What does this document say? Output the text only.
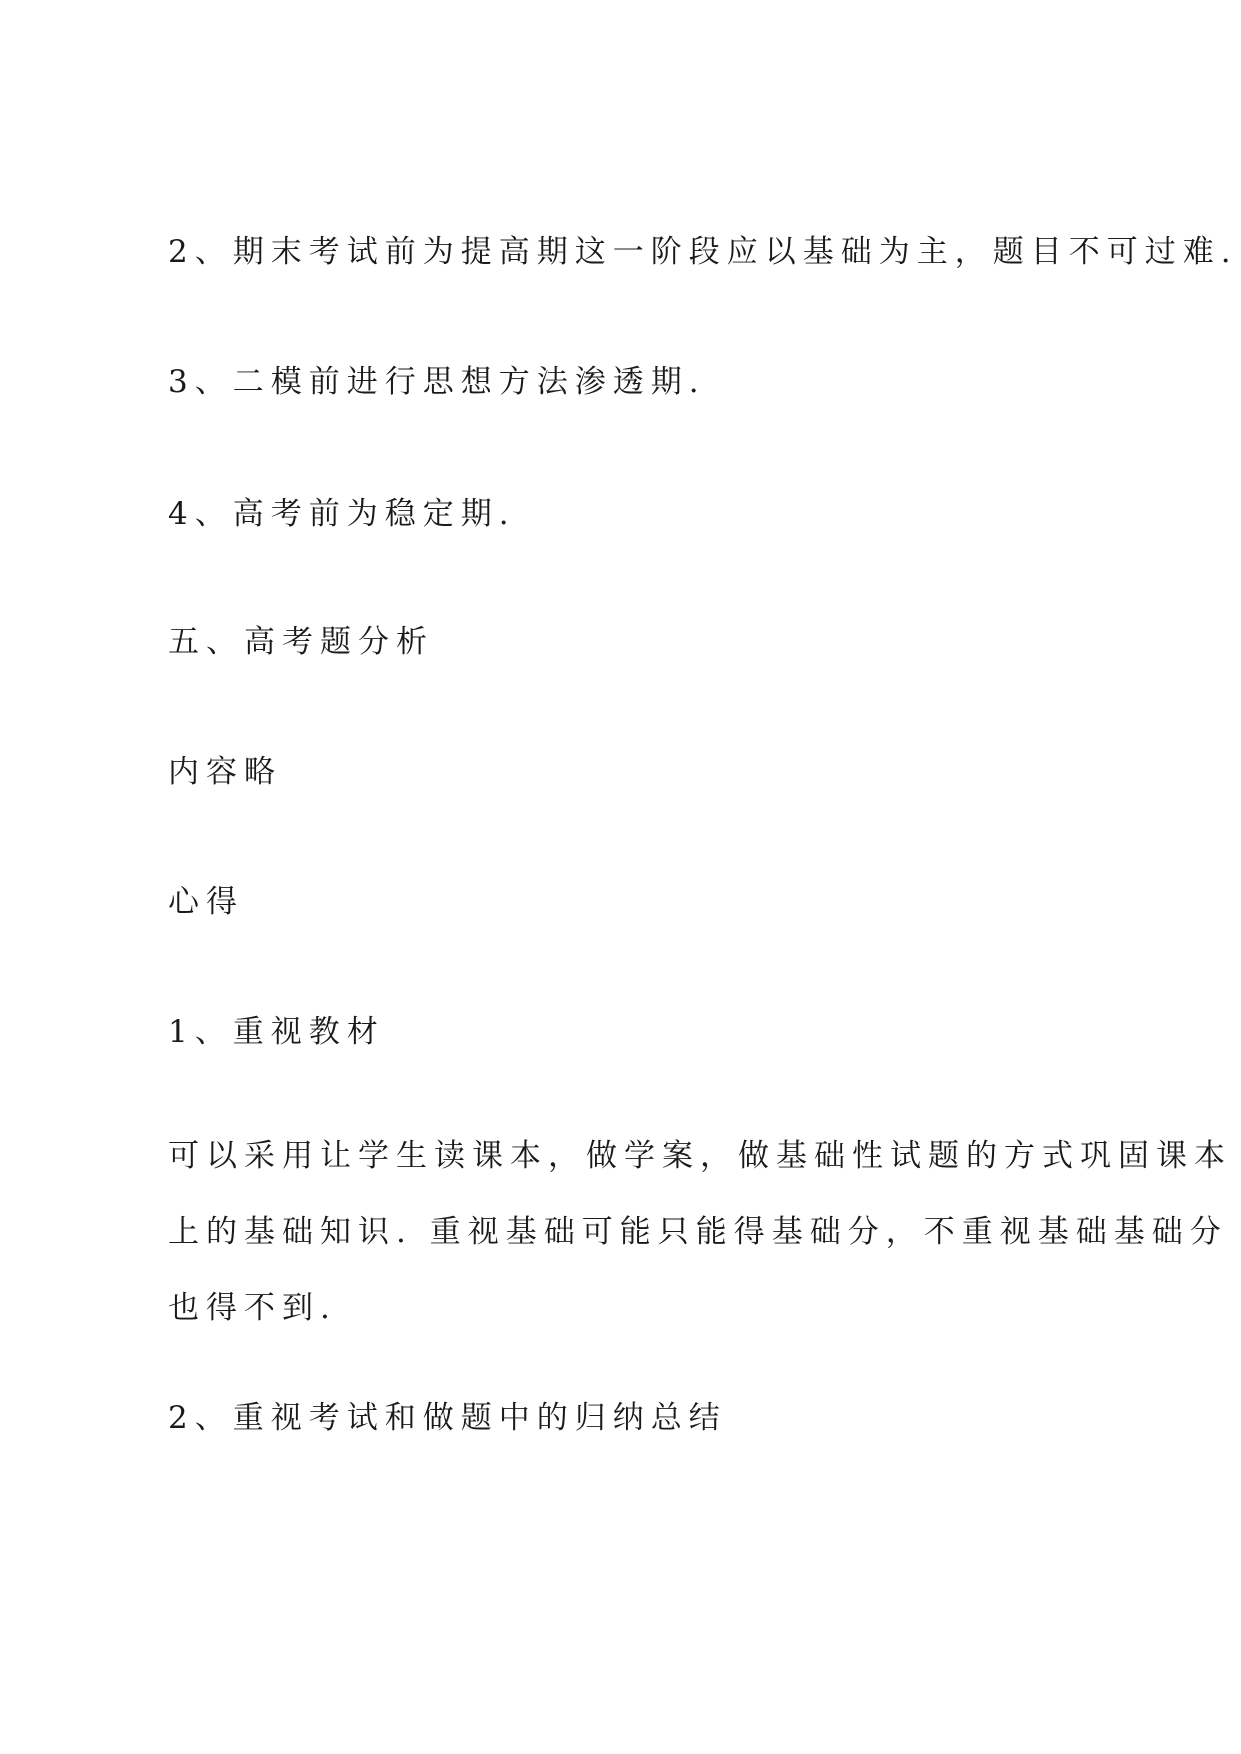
2、期末考试前为提高期这一阶段应以基础为主，题目不可过难.
3、二模前进行思想方法渗透期.
4、高考前为稳定期.
五、高考题分析
内容略
心得
1、重视教材
可以采用让学生读课本，做学案，做基础性试题的方式巩固课本
上的基础知识. 重视基础可能只能得基础分，不重视基础基础分
也得不到.
2、重视考试和做题中的归纳总结
